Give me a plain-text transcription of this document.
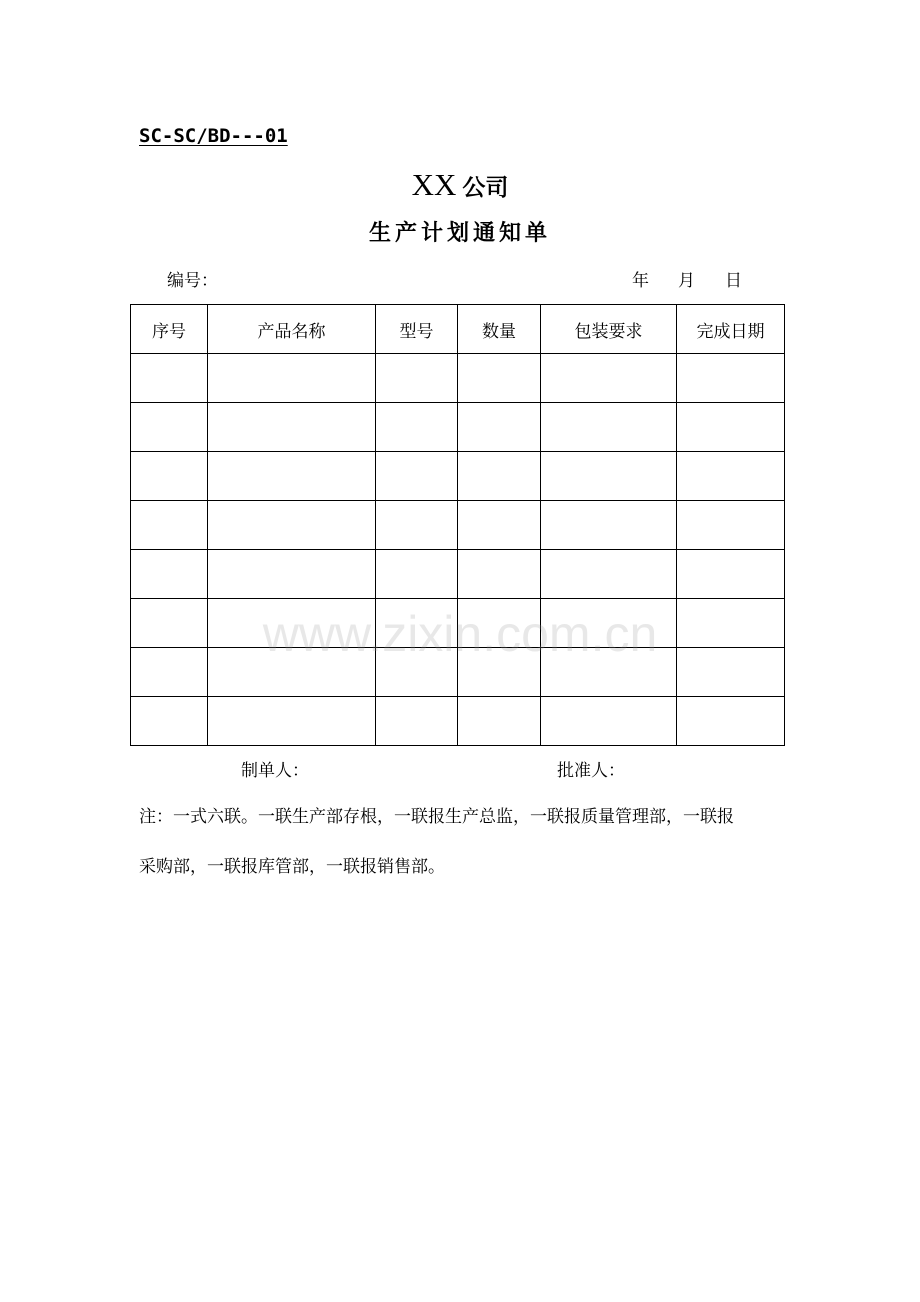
SC-SC/BD---01
XX 公司
生产计划通知单
编号：	年 月 日
序号	产品名称	型号	数量	包装要求	完成日期

www.zixin.com.cn
制单人：	批准人：
注：一式六联。一联生产部存根，一联报生产总监，一联报质量管理部，一联报
采购部，一联报库管部，一联报销售部。
